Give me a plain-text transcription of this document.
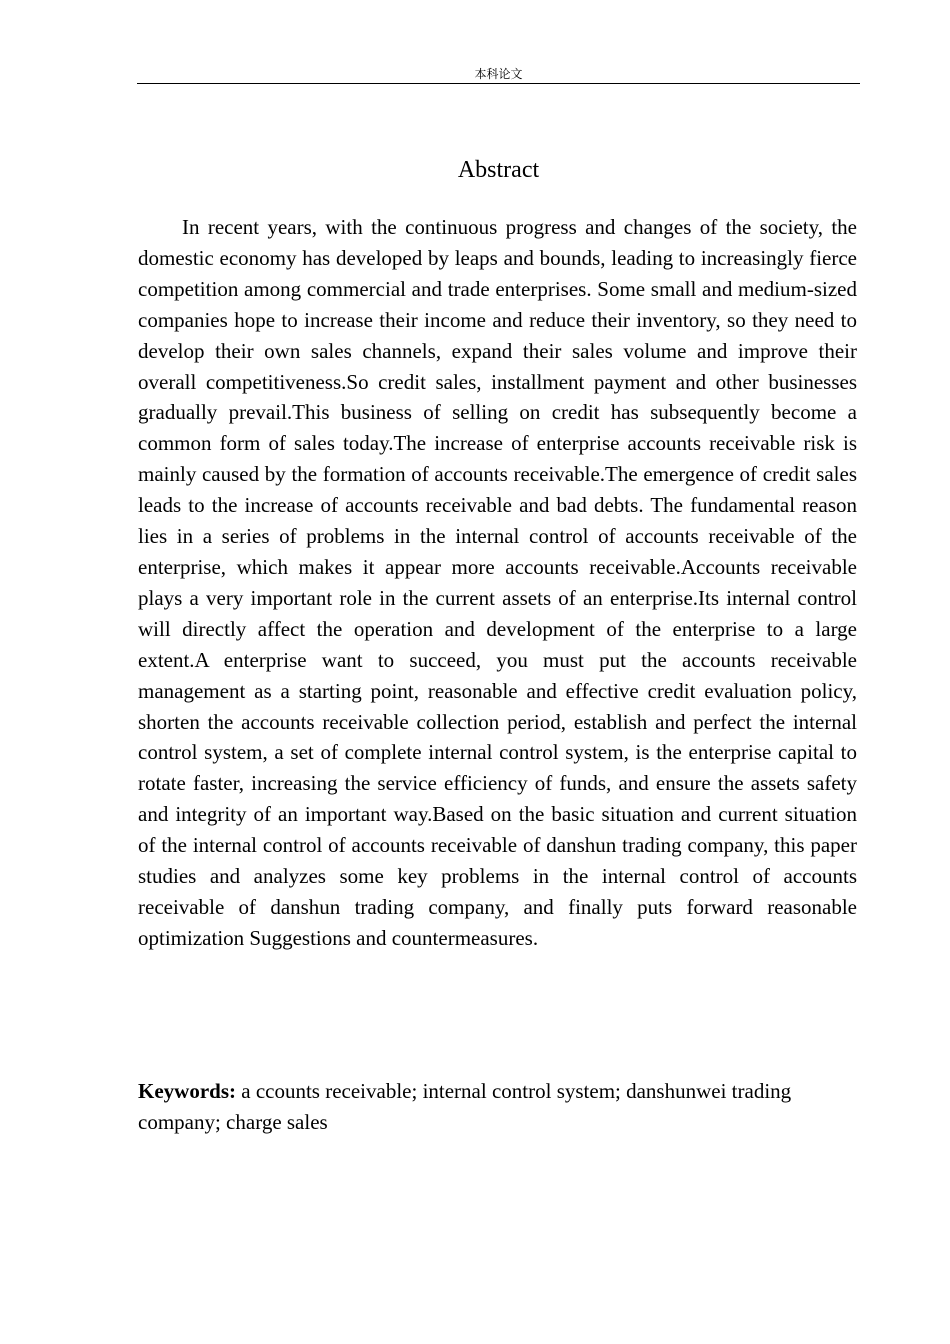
本科论文
Abstract

In recent years, with the continuous progress and changes of the society, the domestic economy has developed by leaps and bounds, leading to increasingly fierce competition among commercial and trade enterprises. Some small and medium-sized companies hope to increase their income and reduce their inventory, so they need to develop their own sales channels, expand their sales volume and improve their overall competitiveness.So credit sales, installment payment and other businesses gradually prevail.This business of selling on credit has subsequently become a common form of sales today.The increase of enterprise accounts receivable risk is mainly caused by the formation of accounts receivable.The emergence of credit sales leads to the increase of accounts receivable and bad debts. The fundamental reason lies in a series of problems in the internal control of accounts receivable of the enterprise, which makes it appear more accounts receivable.Accounts receivable plays a very important role in the current assets of an enterprise.Its internal control will directly affect the operation and development of the enterprise to a large extent.A enterprise want to succeed, you must put the accounts receivable management as a starting point, reasonable and effective credit evaluation policy, shorten the accounts receivable collection period, establish and perfect the internal control system, a set of complete internal control system, is the enterprise capital to rotate faster, increasing the service efficiency of funds, and ensure the assets safety and integrity of an important way.Based on the basic situation and current situation of the internal control of accounts receivable of danshun trading company, this paper studies and analyzes some key problems in the internal control of accounts receivable of danshun trading company, and finally puts forward reasonable optimization Suggestions and countermeasures.

Keywords: a ccounts receivable; internal control system; danshunwei trading company; charge sales
